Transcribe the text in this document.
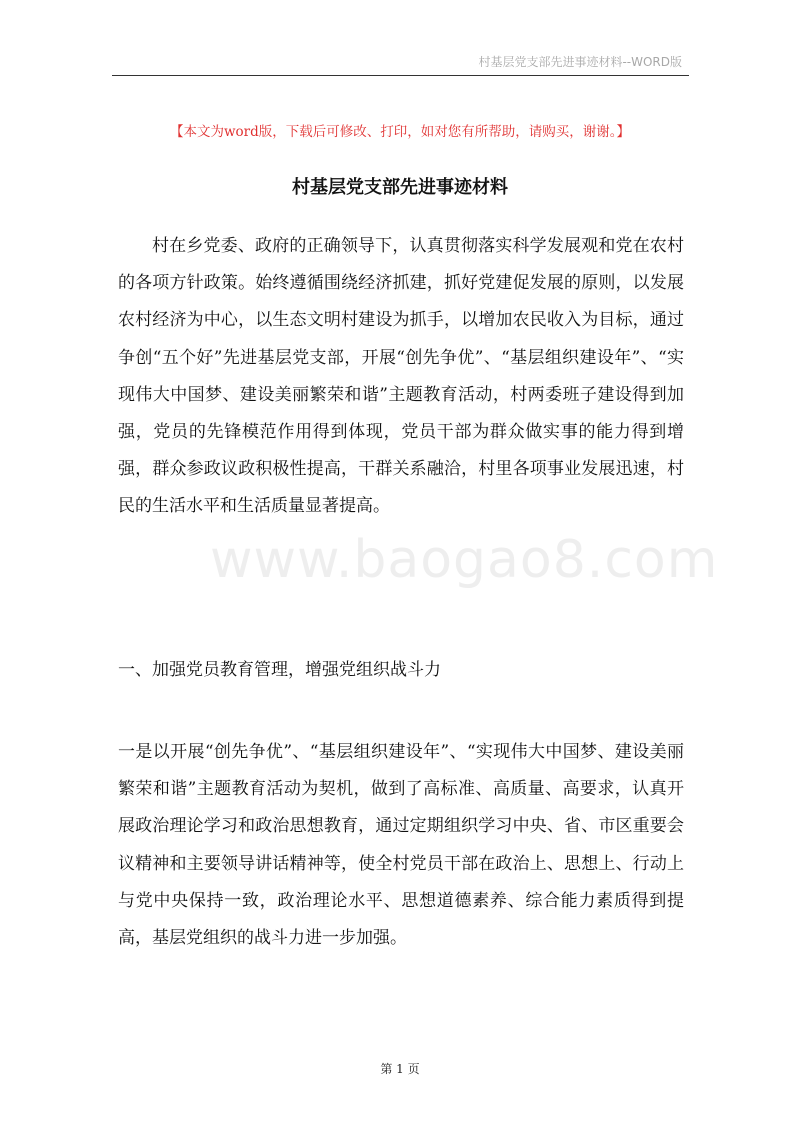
村基层党支部先进事迹材料--WORD版
www.baogao8.com
【本文为word版，下载后可修改、打印，如对您有所帮助，请购买，谢谢。】
村基层党支部先进事迹材料

村在乡党委、政府的正确领导下，认真贯彻落实科学发展观和党在农村的各项方针政策。始终遵循围绕经济抓建，抓好党建促发展的原则，以发展农村经济为中心，以生态文明村建设为抓手，以增加农民收入为目标，通过争创“五个好”先进基层党支部，开展“创先争优”、“基层组织建设年”、“实现伟大中国梦、建设美丽繁荣和谐”主题教育活动，村两委班子建设得到加强，党员的先锋模范作用得到体现，党员干部为群众做实事的能力得到增强，群众参政议政积极性提高，干群关系融洽，村里各项事业发展迅速，村民的生活水平和生活质量显著提高。

一、加强党员教育管理，增强党组织战斗力

一是以开展“创先争优”、“基层组织建设年”、“实现伟大中国梦、建设美丽繁荣和谐”主题教育活动为契机，做到了高标准、高质量、高要求，认真开展政治理论学习和政治思想教育，通过定期组织学习中央、省、市区重要会议精神和主要领导讲话精神等，使全村党员干部在政治上、思想上、行动上与党中央保持一致，政治理论水平、思想道德素养、综合能力素质得到提高，基层党组织的战斗力进一步加强。

第 1 页
